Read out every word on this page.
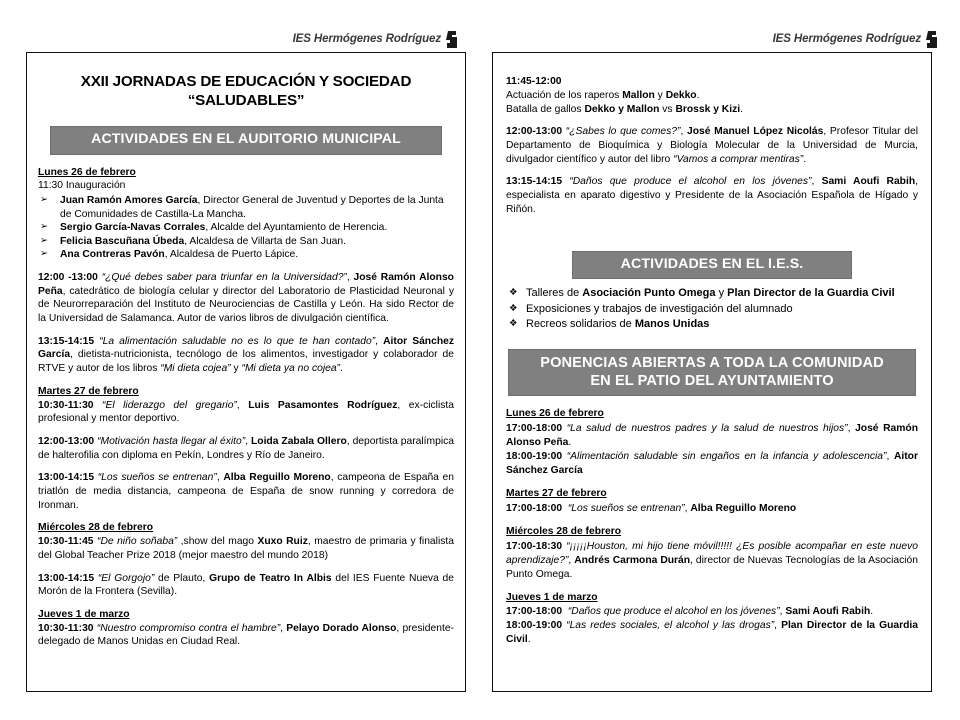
IES Hermógenes Rodríguez
XXII JORNADAS DE EDUCACIÓN Y SOCIEDAD
“SALUDABLES”
ACTIVIDADES EN EL AUDITORIO MUNICIPAL
Lunes 26 de febrero
11:30 Inauguración
➢ Juan Ramón Amores García, Director General de Juventud y Deportes de la Junta de Comunidades de Castilla-La Mancha.
➢ Sergio García-Navas Corrales, Alcalde del Ayuntamiento de Herencia.
➢ Felicia Bascuñana Úbeda, Alcaldesa de Villarta de San Juan.
➢ Ana Contreras Pavón, Alcaldesa de Puerto Lápice.
12:00 -13:00 “¿Qué debes saber para triunfar en la Universidad?”, José Ramón Alonso Peña, catedrático de biología celular y director del Laboratorio de Plasticidad Neuronal y de Neurorreparación del Instituto de Neurociencias de Castilla y León. Ha sido Rector de la Universidad de Salamanca. Autor de varios libros de divulgación científica.
13:15-14:15 “La alimentación saludable no es lo que te han contado”, Aitor Sánchez García, dietista-nutricionista, tecnólogo de los alimentos, investigador y colaborador de RTVE y autor de los libros “Mi dieta cojea” y “Mi dieta ya no cojea”.
Martes 27 de febrero
10:30-11:30 “El liderazgo del gregario”, Luis Pasamontes Rodríguez, ex-ciclista profesional y mentor deportivo.
12:00-13:00 “Motivación hasta llegar al éxito”, Loida Zabala Ollero, deportista paralímpica de halterofilia con diploma en Pekín, Londres y Río de Janeiro.
13:00-14:15 “Los sueños se entrenan”, Alba Reguillo Moreno, campeona de España en triatlón de media distancia, campeona de España de snow running y corredora de Ironman.
Miércoles 28 de febrero
10:30-11:45 “De niño soñaba” ,show del mago Xuxo Ruiz, maestro de primaria y finalista del Global Teacher Prize 2018 (mejor maestro del mundo 2018)
13:00-14:15 “El Gorgojo” de Plauto, Grupo de Teatro In Albis del IES Fuente Nueva de Morón de la Frontera (Sevilla).
Jueves 1 de marzo
10:30-11:30 “Nuestro compromiso contra el hambre”, Pelayo Dorado Alonso, presidente-delegado de Manos Unidas en Ciudad Real.
IES Hermógenes Rodríguez
11:45-12:00
Actuación de los raperos Mallon y Dekko.
Batalla de gallos Dekko y Mallon vs Brossk y Kizi.
12:00-13:00 “¿Sabes lo que comes?”, José Manuel López Nicolás, Profesor Titular del Departamento de Bioquímica y Biología Molecular de la Universidad de Murcia, divulgador científico y autor del libro “Vamos a comprar mentiras”.
13:15-14:15 “Daños que produce el alcohol en los jóvenes”, Sami Aoufi Rabih, especialista en aparato digestivo y Presidente de la Asociación Española de Hígado y Riñón.
ACTIVIDADES EN EL I.E.S.
❖ Talleres de Asociación Punto Omega y Plan Director de la Guardia Civil
❖ Exposiciones y trabajos de investigación del alumnado
❖ Recreos solidarios de Manos Unidas
PONENCIAS ABIERTAS A TODA LA COMUNIDAD
EN EL PATIO DEL AYUNTAMIENTO
Lunes 26 de febrero
17:00-18:00 “La salud de nuestros padres y la salud de nuestros hijos”, José Ramón Alonso Peña.
18:00-19:00 “Alimentación saludable sin engaños en la infancia y adolescencia”, Aitor Sánchez García
Martes 27 de febrero
17:00-18:00 “Los sueños se entrenan”, Alba Reguillo Moreno
Miércoles 28 de febrero
17:00-18:30 “¡¡¡¡¡Houston, mi hijo tiene móvil!!!!! ¿Es posible acompañar en este nuevo aprendizaje?”, Andrés Carmona Durán, director de Nuevas Tecnologías de la Asociación Punto Omega.
Jueves 1 de marzo
17:00-18:00 “Daños que produce el alcohol en los jóvenes”, Sami Aoufi Rabih.
18:00-19:00 “Las redes sociales, el alcohol y las drogas”, Plan Director de la Guardia Civil.
